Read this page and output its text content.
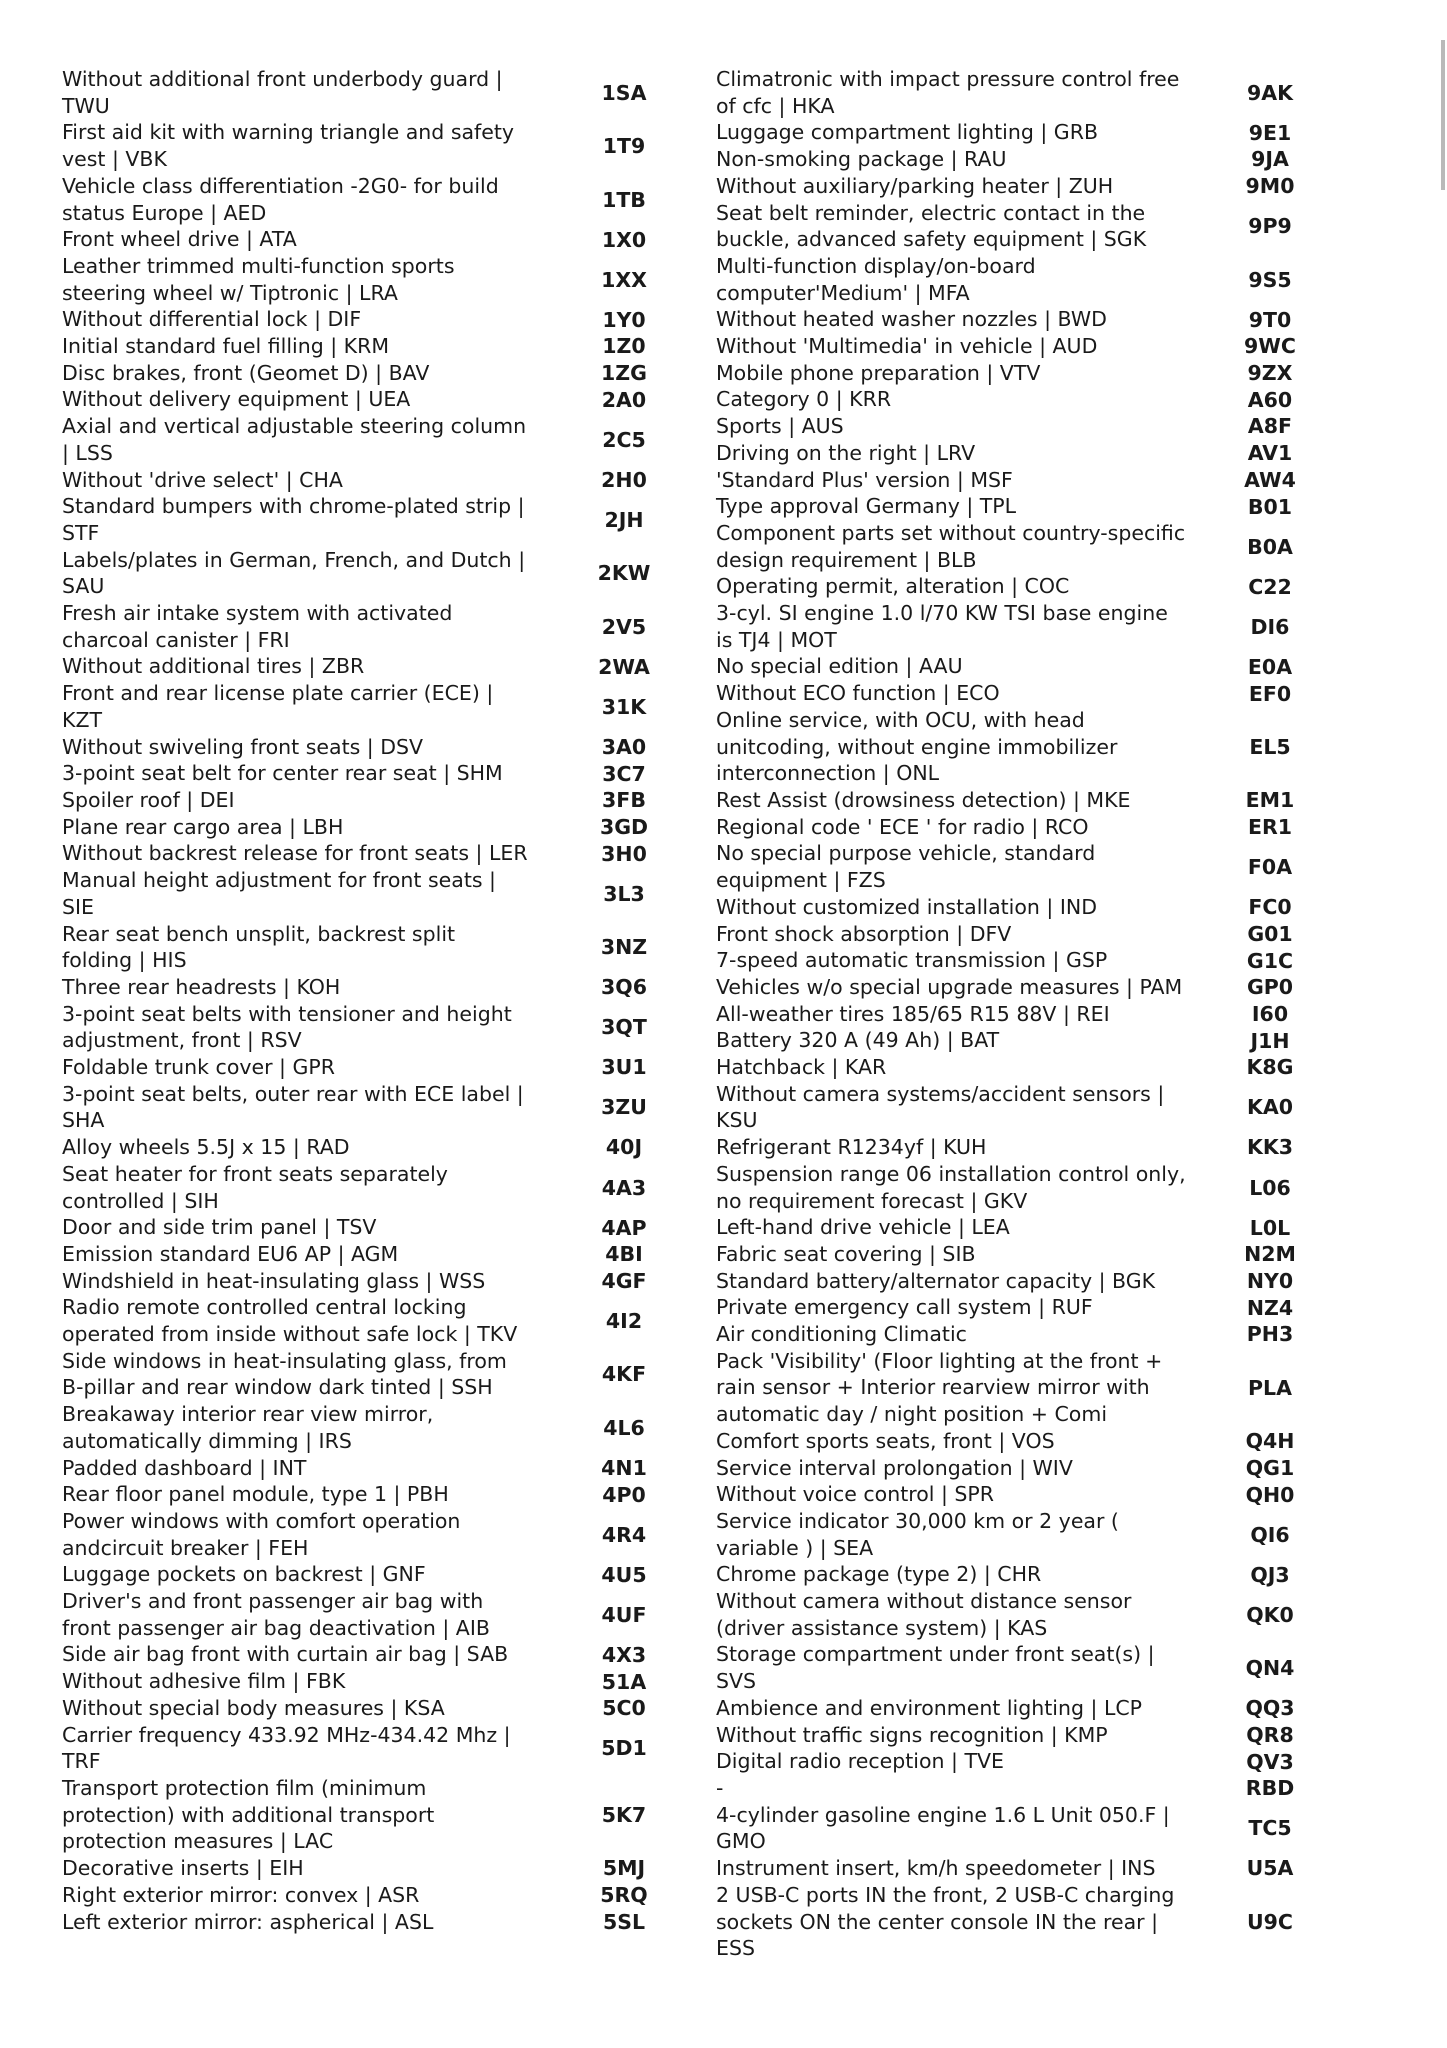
Without additional front underbody guard | TWU
1SA
First aid kit with warning triangle and safety vest | VBK
1T9
Vehicle class differentiation -2G0- for build status Europe | AED
1TB
Front wheel drive | ATA	1X0
Leather trimmed multi-function sports steering wheel w/ Tiptronic | LRA
1XX
Without differential lock | DIF	1Y0
Initial standard fuel filling | KRM	1Z0
Disc brakes, front (Geomet D) | BAV	1ZG
Without delivery equipment | UEA	2A0
Axial and vertical adjustable steering column | LSS
2C5
Without 'drive select' | CHA	2H0
Standard bumpers with chrome-plated strip | STF
2JH
Labels/plates in German, French, and Dutch | SAU
2KW
Fresh air intake system with activated charcoal canister | FRI
2V5
Without additional tires | ZBR	2WA
Front and rear license plate carrier (ECE) | KZT
31K
Without swiveling front seats | DSV	3A0
3-point seat belt for center rear seat | SHM	3C7
Spoiler roof | DEI	3FB
Plane rear cargo area | LBH	3GD
Without backrest release for front seats | LER	3H0
Manual height adjustment for front seats | SIE
3L3
Rear seat bench unsplit, backrest split folding | HIS
3NZ
Three rear headrests | KOH	3Q6
3-point seat belts with tensioner and height adjustment, front | RSV
3QT
Foldable trunk cover | GPR	3U1
3-point seat belts, outer rear with ECE label | SHA
3ZU
Alloy wheels 5.5J x 15 | RAD	40J
Seat heater for front seats separately controlled | SIH
4A3
Door and side trim panel | TSV	4AP
Emission standard EU6 AP | AGM	4BI
Windshield in heat-insulating glass | WSS	4GF
Radio remote controlled central locking operated from inside without safe lock | TKV
4I2
Side windows in heat-insulating glass, from B-pillar and rear window dark tinted | SSH
4KF
Breakaway interior rear view mirror, automatically dimming | IRS
4L6
Padded dashboard | INT	4N1
Rear floor panel module, type 1 | PBH	4P0
Power windows with comfort operation andcircuit breaker | FEH
4R4
Luggage pockets on backrest | GNF	4U5
Driver's and front passenger air bag with front passenger air bag deactivation | AIB
4UF
Side air bag front with curtain air bag | SAB	4X3
Without adhesive film | FBK	51A
Without special body measures | KSA	5C0
Carrier frequency 433.92 MHz-434.42 Mhz | TRF
5D1
Transport protection film (minimum protection) with additional transport protection measures | LAC
5K7
Decorative inserts | EIH	5MJ
Right exterior mirror: convex | ASR	5RQ
Left exterior mirror: aspherical | ASL	5SL
Climatronic with impact pressure control free of cfc | HKA
9AK
Luggage compartment lighting | GRB	9E1
Non-smoking package | RAU	9JA
Without auxiliary/parking heater | ZUH	9M0
Seat belt reminder, electric contact in the buckle, advanced safety equipment | SGK
9P9
Multi-function display/on-board computer'Medium' | MFA
9S5
Without heated washer nozzles | BWD	9T0
Without 'Multimedia' in vehicle | AUD	9WC
Mobile phone preparation | VTV	9ZX
Category 0 | KRR	A60
Sports | AUS	A8F
Driving on the right | LRV	AV1
'Standard Plus' version | MSF	AW4
Type approval Germany | TPL	B01
Component parts set without country-specific design requirement | BLB
B0A
Operating permit, alteration | COC	C22
3-cyl. SI engine 1.0 l/70 KW TSI base engine is TJ4 | MOT
DI6
No special edition | AAU	E0A
Without ECO function | ECO	EF0
Online service, with OCU, with head unitcoding, without engine immobilizer interconnection | ONL
EL5
Rest Assist (drowsiness detection) | MKE	EM1
Regional code ' ECE ' for radio | RCO	ER1
No special purpose vehicle, standard equipment | FZS
F0A
Without customized installation | IND	FC0
Front shock absorption | DFV	G01
7-speed automatic transmission | GSP	G1C
Vehicles w/o special upgrade measures | PAM	GP0
All-weather tires 185/65 R15 88V | REI	I60
Battery 320 A (49 Ah) | BAT	J1H
Hatchback | KAR	K8G
Without camera systems/accident sensors | KSU
KA0
Refrigerant R1234yf | KUH	KK3
Suspension range 06 installation control only, no requirement forecast | GKV
L06
Left-hand drive vehicle | LEA	L0L
Fabric seat covering | SIB	N2M
Standard battery/alternator capacity | BGK	NY0
Private emergency call system | RUF	NZ4
Air conditioning Climatic	PH3
Pack 'Visibility' (Floor lighting at the front + rain sensor + Interior rearview mirror with automatic day / night position + Comi
PLA
Comfort sports seats, front | VOS	Q4H
Service interval prolongation | WIV	QG1
Without voice control | SPR	QH0
Service indicator 30,000 km or 2 year ( variable ) | SEA
QI6
Chrome package (type 2) | CHR	QJ3
Without camera without distance sensor (driver assistance system) | KAS
QK0
Storage compartment under front seat(s) | SVS
QN4
Ambience and environment lighting | LCP	QQ3
Without traffic signs recognition | KMP	QR8
Digital radio reception | TVE	QV3
-	RBD
4-cylinder gasoline engine 1.6 L Unit 050.F | GMO
TC5
Instrument insert, km/h speedometer | INS	U5A
2 USB-C ports IN the front, 2 USB-C charging sockets ON the center console IN the rear | ESS
U9C
